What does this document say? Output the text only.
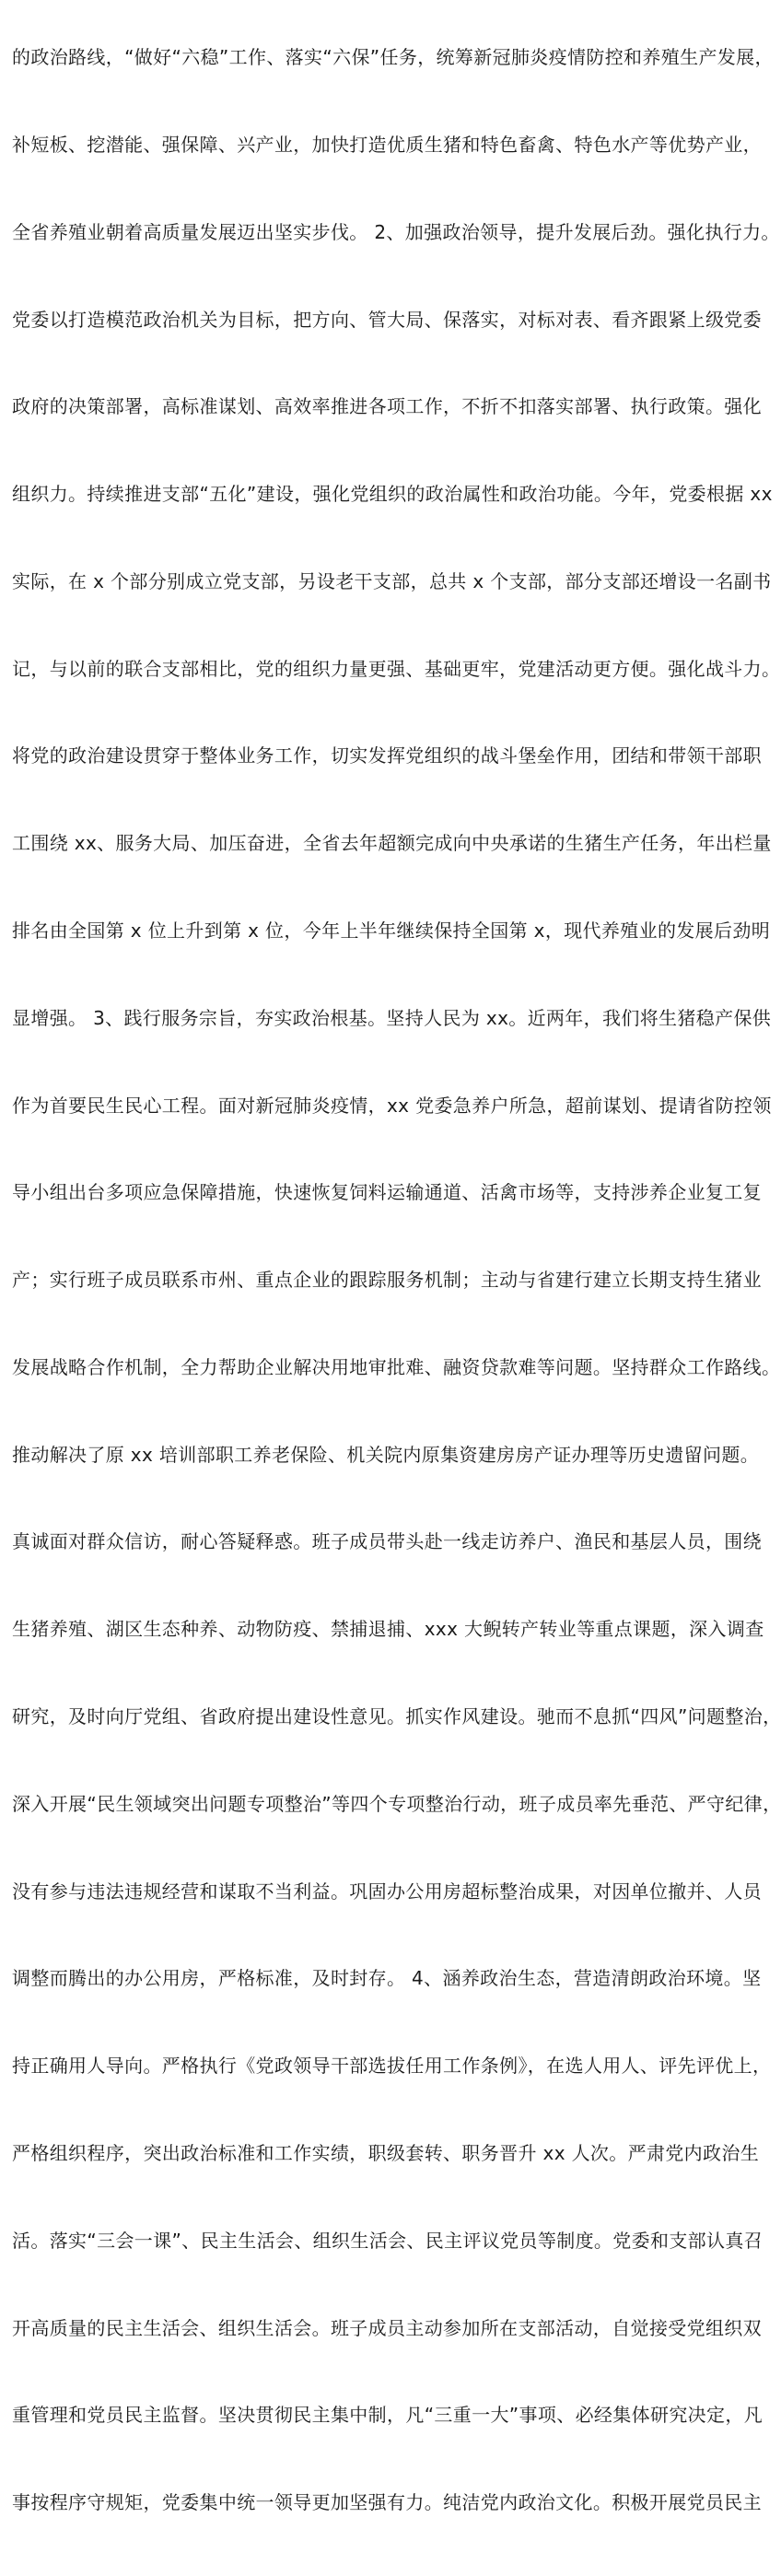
的政治路线，“做好“六稳”工作、落实“六保”任务，统筹新冠肺炎疫情防控和养殖生产发展，

补短板、挖潜能、强保障、兴产业，加快打造优质生猪和特色畜禽、特色水产等优势产业，

全省养殖业朝着高质量发展迈出坚实步伐。 2、加强政治领导，提升发展后劲。强化执行力。

党委以打造模范政治机关为目标，把方向、管大局、保落实，对标对表、看齐跟紧上级党委

政府的决策部署，高标准谋划、高效率推进各项工作，不折不扣落实部署、执行政策。强化

组织力。持续推进支部“五化”建设，强化党组织的政治属性和政治功能。今年，党委根据 xx

实际，在 x 个部分别成立党支部，另设老干支部，总共 x 个支部，部分支部还增设一名副书

记，与以前的联合支部相比，党的组织力量更强、基础更牢，党建活动更方便。强化战斗力。

将党的政治建设贯穿于整体业务工作，切实发挥党组织的战斗堡垒作用，团结和带领干部职

工围绕 xx、服务大局、加压奋进，全省去年超额完成向中央承诺的生猪生产任务，年出栏量

排名由全国第 x 位上升到第 x 位，今年上半年继续保持全国第 x，现代养殖业的发展后劲明

显增强。 3、践行服务宗旨，夯实政治根基。坚持人民为 xx。近两年，我们将生猪稳产保供

作为首要民生民心工程。面对新冠肺炎疫情，xx 党委急养户所急，超前谋划、提请省防控领

导小组出台多项应急保障措施，快速恢复饲料运输通道、活禽市场等，支持涉养企业复工复

产；实行班子成员联系市州、重点企业的跟踪服务机制；主动与省建行建立长期支持生猪业

发展战略合作机制，全力帮助企业解决用地审批难、融资贷款难等问题。坚持群众工作路线。

推动解决了原 xx 培训部职工养老保险、机关院内原集资建房房产证办理等历史遗留问题。

真诚面对群众信访，耐心答疑释惑。班子成员带头赴一线走访养户、渔民和基层人员，围绕

生猪养殖、湖区生态种养、动物防疫、禁捕退捕、xxx 大鲵转产转业等重点课题，深入调查

研究，及时向厅党组、省政府提出建设性意见。抓实作风建设。驰而不息抓“四风”问题整治，

深入开展“民生领域突出问题专项整治”等四个专项整治行动，班子成员率先垂范、严守纪律，

没有参与违法违规经营和谋取不当利益。巩固办公用房超标整治成果，对因单位撤并、人员

调整而腾出的办公用房，严格标准，及时封存。 4、涵养政治生态，营造清朗政治环境。坚

持正确用人导向。严格执行《党政领导干部选拔任用工作条例》，在选人用人、评先评优上，

严格组织程序，突出政治标准和工作实绩，职级套转、职务晋升 xx 人次。严肃党内政治生

活。落实“三会一课”、民主生活会、组织生活会、民主评议党员等制度。党委和支部认真召

开高质量的民主生活会、组织生活会。班子成员主动参加所在支部活动，自觉接受党组织双

重管理和党员民主监督。坚决贯彻民主集中制，凡“三重一大”事项、必经集体研究决定，凡

事按程序守规矩，党委集中统一领导更加坚强有力。纯洁党内政治文化。积极开展党员民主
